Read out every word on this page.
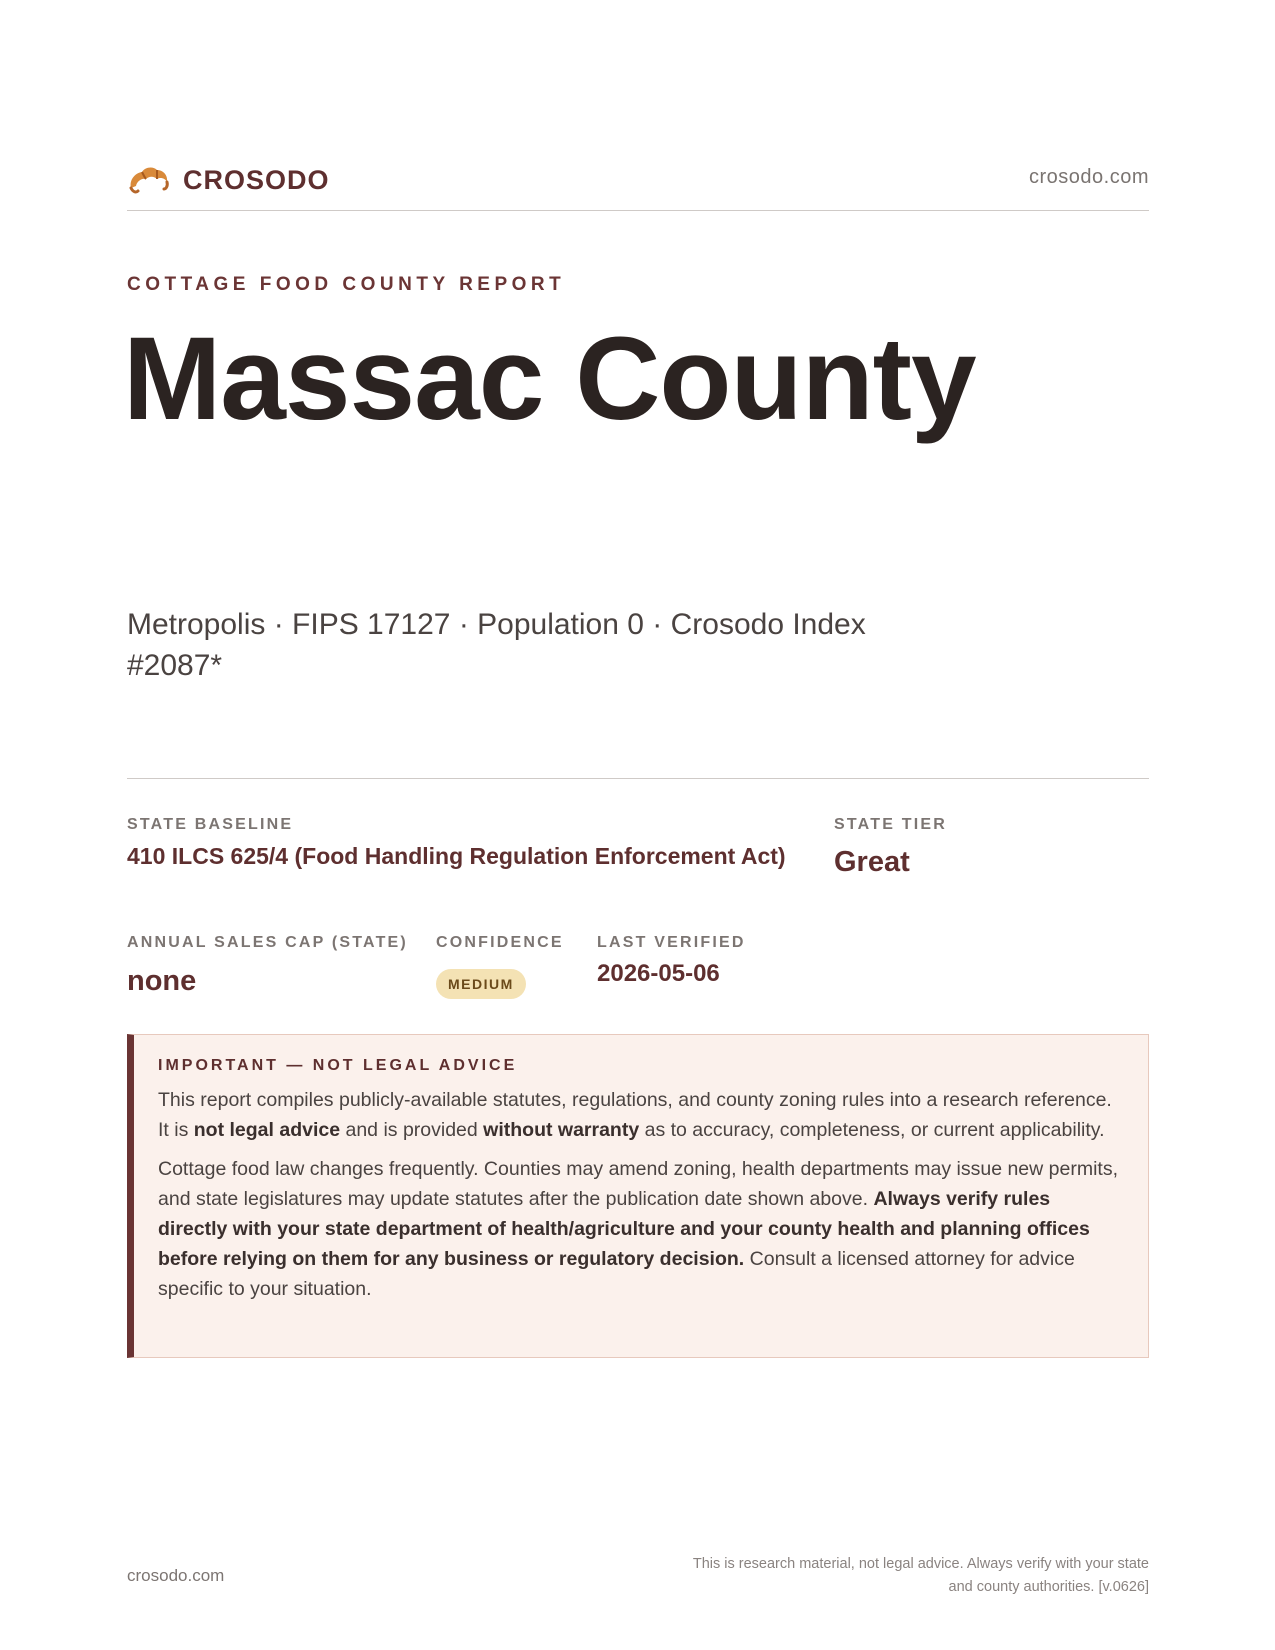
CROSODO	crosodo.com
COTTAGE FOOD COUNTY REPORT
Massac County
Metropolis · FIPS 17127 · Population 0 · Crosodo Index #2087*
STATE BASELINE
410 ILCS 625/4 (Food Handling Regulation Enforcement Act)
STATE TIER
Great
ANNUAL SALES CAP (STATE)
none
CONFIDENCE
MEDIUM
LAST VERIFIED
2026-05-06
IMPORTANT — NOT LEGAL ADVICE

This report compiles publicly-available statutes, regulations, and county zoning rules into a research reference. It is not legal advice and is provided without warranty as to accuracy, completeness, or current applicability.

Cottage food law changes frequently. Counties may amend zoning, health departments may issue new permits, and state legislatures may update statutes after the publication date shown above. Always verify rules directly with your state department of health/agriculture and your county health and planning offices before relying on them for any business or regulatory decision. Consult a licensed attorney for advice specific to your situation.

crosodo.com
This is research material, not legal advice. Always verify with your state
and county authorities. [v.0626]
